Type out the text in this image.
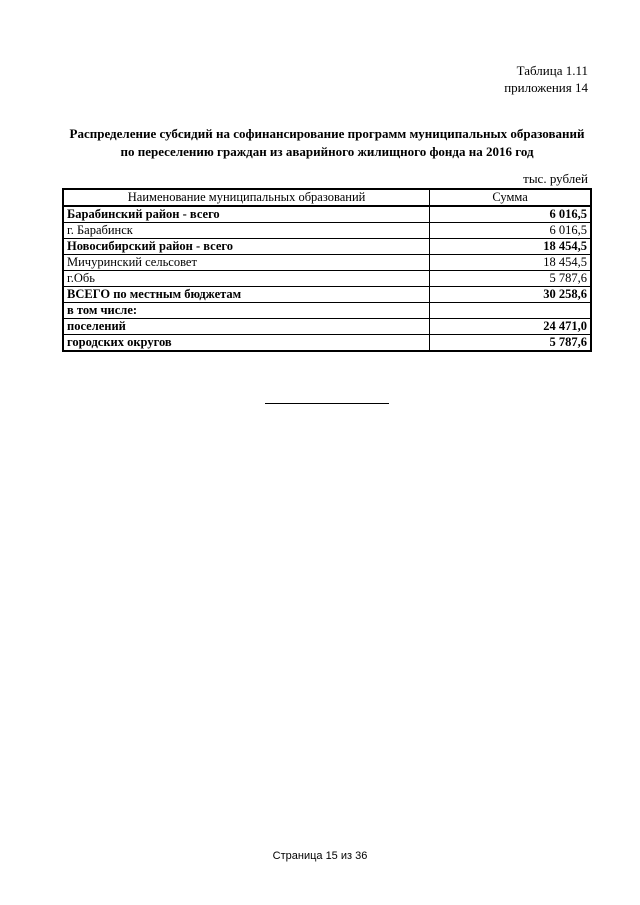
Таблица 1.11
приложения 14
Распределение субсидий на софинансирование программ муниципальных образований
по переселению граждан из аварийного жилищного фонда на 2016 год
тыс. рублей
Наименование муниципальных образований	Сумма
Барабинский район - всего	6 016,5
г. Барабинск	6 016,5
Новосибирский район - всего	18 454,5
Мичуринский сельсовет	18 454,5
г.Обь	5 787,6
ВСЕГО по местным бюджетам	30 258,6
в том числе:	
поселений	24 471,0
городских округов	5 787,6
Страница 15 из 36
